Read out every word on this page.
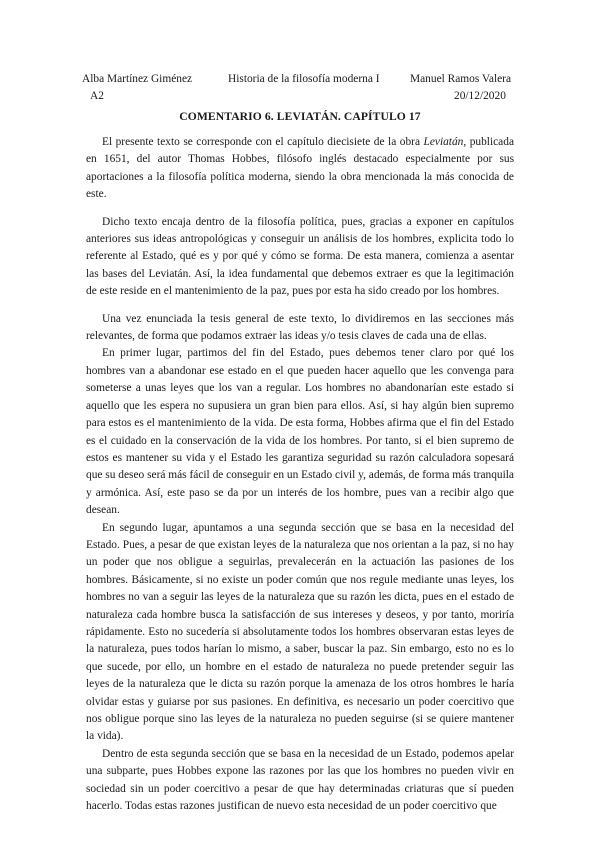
Alba Martínez Giménez
A2
Historia de la filosofía moderna I	Manuel Ramos Valera
20/12/2020
COMENTARIO 6. LEVIATÁN. CAPÍTULO 17

El presente texto se corresponde con el capítulo diecisiete de la obra Leviatán, publicada en 1651, del autor Thomas Hobbes, filósofo inglés destacado especialmente por sus aportaciones a la filosofía política moderna, siendo la obra mencionada la más conocida de este.

Dicho texto encaja dentro de la filosofía política, pues, gracias a exponer en capítulos anteriores sus ideas antropológicas y conseguir un análisis de los hombres, explicita todo lo referente al Estado, qué es y por qué y cómo se forma. De esta manera, comienza a asentar las bases del Leviatán. Así, la idea fundamental que debemos extraer es que la legitimación de este reside en el mantenimiento de la paz, pues por esta ha sido creado por los hombres.

Una vez enunciada la tesis general de este texto, lo dividiremos en las secciones más relevantes, de forma que podamos extraer las ideas y/o tesis claves de cada una de ellas.

En primer lugar, partimos del fin del Estado, pues debemos tener claro por qué los hombres van a abandonar ese estado en el que pueden hacer aquello que les convenga para someterse a unas leyes que los van a regular. Los hombres no abandonarían este estado si aquello que les espera no supusiera un gran bien para ellos. Así, si hay algún bien supremo para estos es el mantenimiento de la vida. De esta forma, Hobbes afirma que el fin del Estado es el cuidado en la conservación de la vida de los hombres. Por tanto, si el bien supremo de estos es mantener su vida y el Estado les garantiza seguridad su razón calculadora sopesará que su deseo será más fácil de conseguir en un Estado civil y, además, de forma más tranquila y armónica. Así, este paso se da por un interés de los hombre, pues van a recibir algo que desean.

En segundo lugar, apuntamos a una segunda sección que se basa en la necesidad del Estado. Pues, a pesar de que existan leyes de la naturaleza que nos orientan a la paz, si no hay un poder que nos obligue a seguirlas, prevalecerán en la actuación las pasiones de los hombres. Básicamente, si no existe un poder común que nos regule mediante unas leyes, los hombres no van a seguir las leyes de la naturaleza que su razón les dicta, pues en el estado de naturaleza cada hombre busca la satisfacción de sus intereses y deseos, y por tanto, moriría rápidamente. Esto no sucedería si absolutamente todos los hombres observaran estas leyes de la naturaleza, pues todos harían lo mismo, a saber, buscar la paz. Sin embargo, esto no es lo que sucede, por ello, un hombre en el estado de naturaleza no puede pretender seguir las leyes de la naturaleza que le dicta su razón porque la amenaza de los otros hombres le haría olvidar estas y guiarse por sus pasiones. En definitiva, es necesario un poder coercitivo que nos obligue porque sino las leyes de la naturaleza no pueden seguirse (si se quiere mantener la vida).

Dentro de esta segunda sección que se basa en la necesidad de un Estado, podemos apelar una subparte, pues Hobbes expone las razones por las que los hombres no pueden vivir en sociedad sin un poder coercitivo a pesar de que hay determinadas criaturas que sí pueden hacerlo. Todas estas razones justifican de nuevo esta necesidad de un poder coercitivo que
